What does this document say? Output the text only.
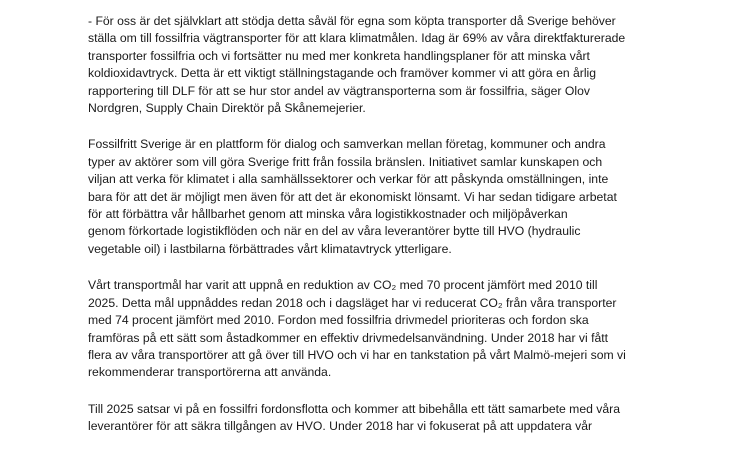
- För oss är det självklart att stödja detta såväl för egna som köpta transporter då Sverige behöver
ställa om till fossilfria vägtransporter för att klara klimatmålen. Idag är 69% av våra direktfakturerade
transporter fossilfria och vi fortsätter nu med mer konkreta handlingsplaner för att minska vårt
koldioxidavtryck. Detta är ett viktigt ställningstagande och framöver kommer vi att göra en årlig
rapportering till DLF för att se hur stor andel av vägtransporterna som är fossilfria, säger Olov
Nordgren, Supply Chain Direktör på Skånemejerier.
Fossilfritt Sverige är en plattform för dialog och samverkan mellan företag, kommuner och andra
typer av aktörer som vill göra Sverige fritt från fossila bränslen. Initiativet samlar kunskapen och
viljan att verka för klimatet i alla samhällssektorer och verkar för att påskynda omställningen, inte
bara för att det är möjligt men även för att det är ekonomiskt lönsamt. Vi har sedan tidigare arbetat
för att förbättra vår hållbarhet genom att minska våra logistikkostnader och miljöpåverkan
genom förkortade logistikflöden och när en del av våra leverantörer bytte till HVO (hydraulic
vegetable oil) i lastbilarna förbättrades vårt klimatavtryck ytterligare.
Vårt transportmål har varit att uppnå en reduktion av CO₂ med 70 procent jämfört med 2010 till
2025. Detta mål uppnåddes redan 2018 och i dagsläget har vi reducerat CO₂ från våra transporter
med 74 procent jämfört med 2010. Fordon med fossilfria drivmedel prioriteras och fordon ska
framföras på ett sätt som åstadkommer en effektiv drivmedelsanvändning. Under 2018 har vi fått
flera av våra transportörer att gå över till HVO och vi har en tankstation på vårt Malmö-mejeri som vi
rekommenderar transportörerna att använda.
Till 2025 satsar vi på en fossilfri fordonsflotta och kommer att bibehålla ett tätt samarbete med våra
leverantörer för att säkra tillgången av HVO. Under 2018 har vi fokuserat på att uppdatera vår
